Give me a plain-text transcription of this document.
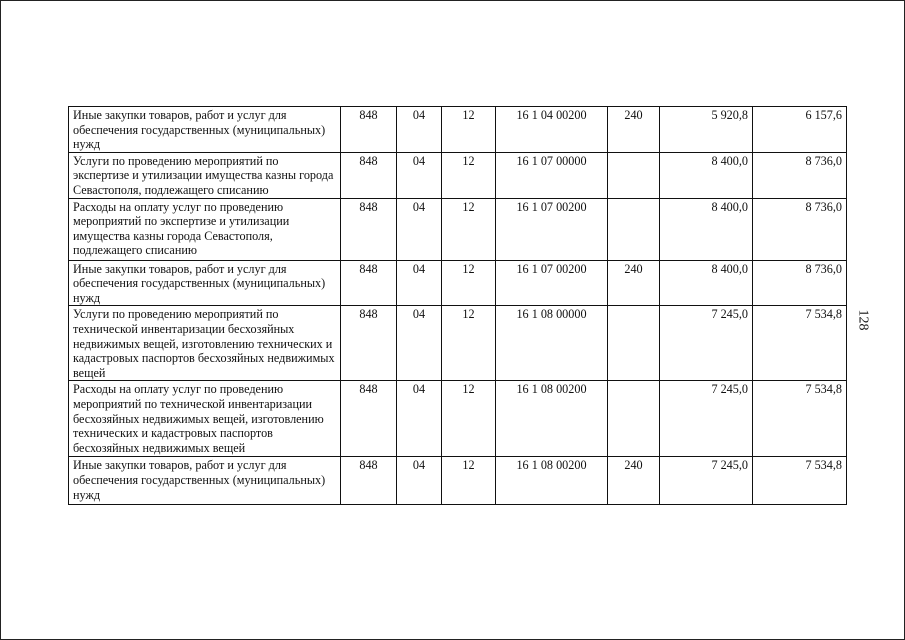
Иные закупки товаров, работ и услуг для обеспечения государственных (муниципальных) нужд	848	04	12	16 1 04 00200	240	5 920,8	6 157,6
Услуги по проведению мероприятий по экспертизе и утилизации имущества казны города Севастополя, подлежащего списанию	848	04	12	16 1 07 00000		8 400,0	8 736,0
Расходы на оплату услуг по проведению мероприятий по экспертизе и утилизации имущества казны города Севастополя, подлежащего списанию	848	04	12	16 1 07 00200		8 400,0	8 736,0
Иные закупки товаров, работ и услуг для обеспечения государственных (муниципальных) нужд	848	04	12	16 1 07 00200	240	8 400,0	8 736,0
Услуги по проведению мероприятий по технической инвентаризации бесхозяйных недвижимых вещей, изготовлению технических и кадастровых паспортов бесхозяйных недвижимых вещей	848	04	12	16 1 08 00000		7 245,0	7 534,8
Расходы на оплату услуг по проведению мероприятий по технической инвентаризации бесхозяйных недвижимых вещей, изготовлению технических и кадастровых паспортов бесхозяйных недвижимых вещей	848	04	12	16 1 08 00200		7 245,0	7 534,8
Иные закупки товаров, работ и услуг для обеспечения государственных (муниципальных) нужд	848	04	12	16 1 08 00200	240	7 245,0	7 534,8
128
